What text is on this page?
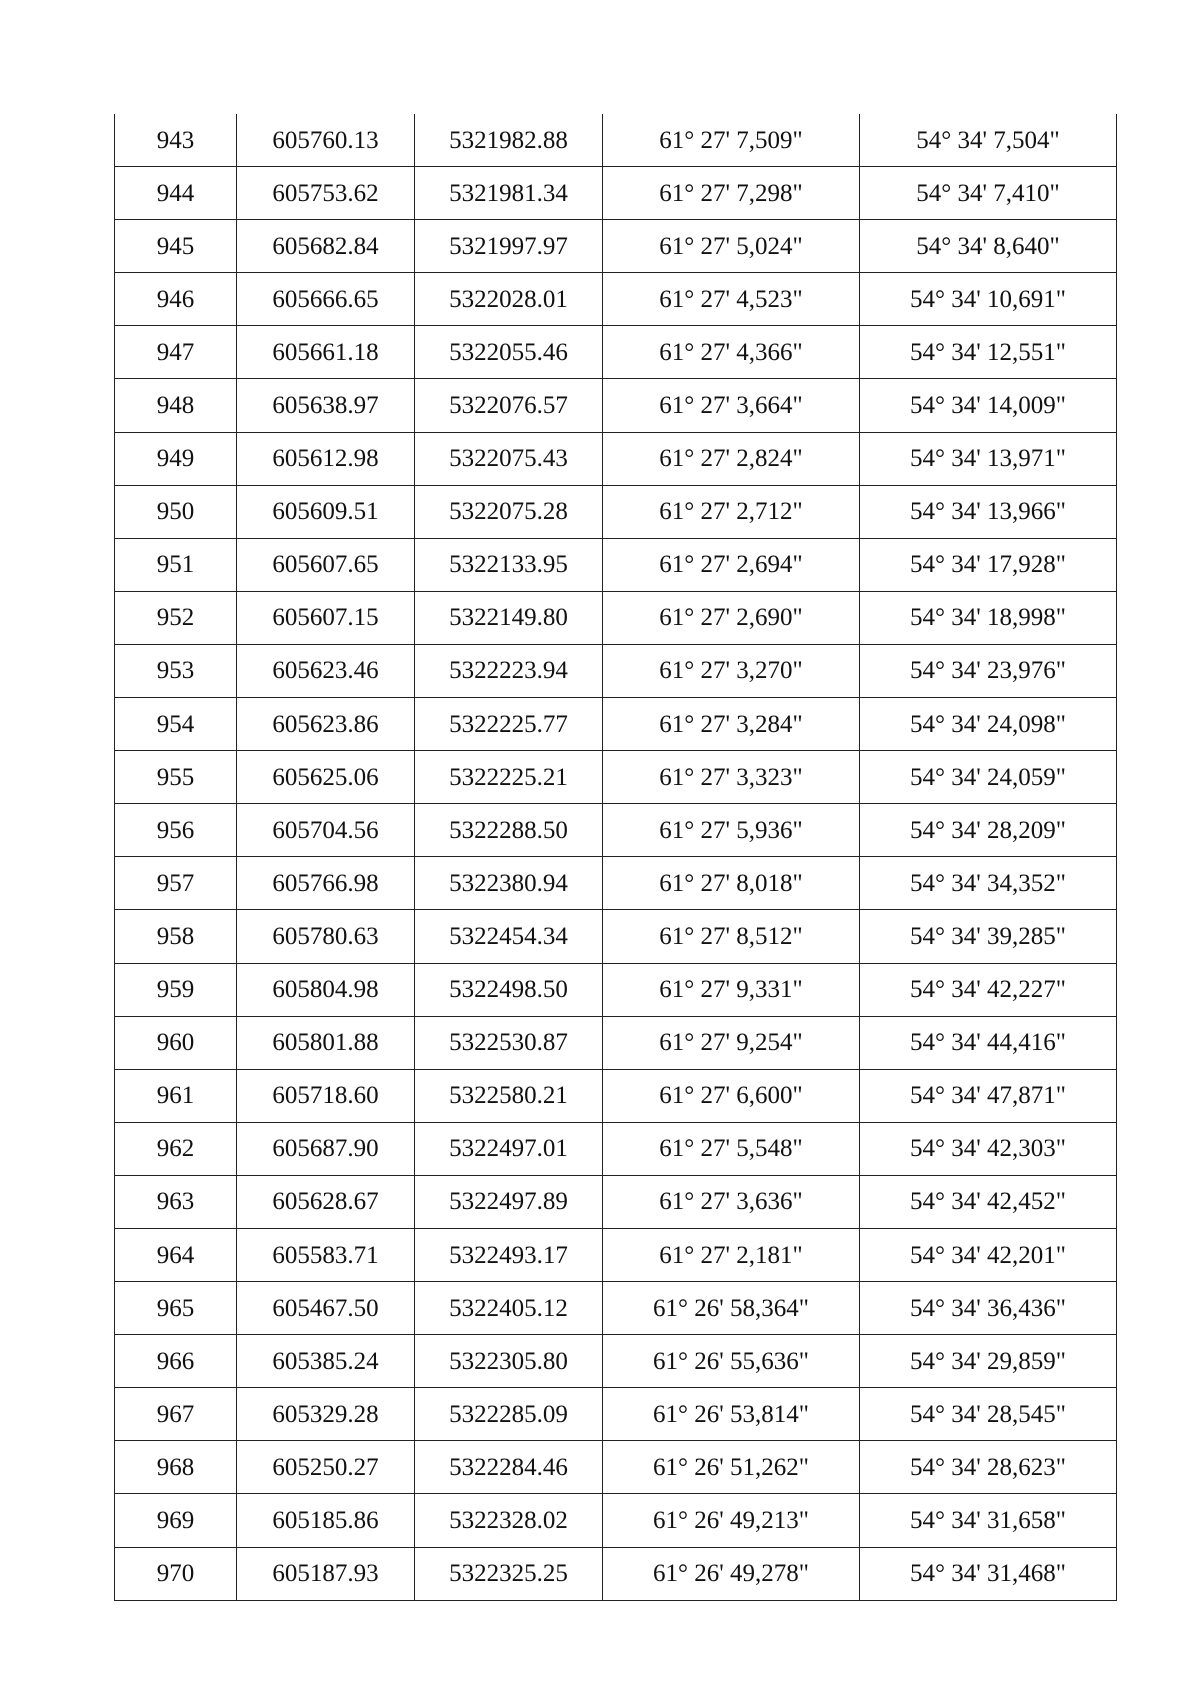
943	605760.13	5321982.88	61° 27' 7,509"	54° 34' 7,504"
944	605753.62	5321981.34	61° 27' 7,298"	54° 34' 7,410"
945	605682.84	5321997.97	61° 27' 5,024"	54° 34' 8,640"
946	605666.65	5322028.01	61° 27' 4,523"	54° 34' 10,691"
947	605661.18	5322055.46	61° 27' 4,366"	54° 34' 12,551"
948	605638.97	5322076.57	61° 27' 3,664"	54° 34' 14,009"
949	605612.98	5322075.43	61° 27' 2,824"	54° 34' 13,971"
950	605609.51	5322075.28	61° 27' 2,712"	54° 34' 13,966"
951	605607.65	5322133.95	61° 27' 2,694"	54° 34' 17,928"
952	605607.15	5322149.80	61° 27' 2,690"	54° 34' 18,998"
953	605623.46	5322223.94	61° 27' 3,270"	54° 34' 23,976"
954	605623.86	5322225.77	61° 27' 3,284"	54° 34' 24,098"
955	605625.06	5322225.21	61° 27' 3,323"	54° 34' 24,059"
956	605704.56	5322288.50	61° 27' 5,936"	54° 34' 28,209"
957	605766.98	5322380.94	61° 27' 8,018"	54° 34' 34,352"
958	605780.63	5322454.34	61° 27' 8,512"	54° 34' 39,285"
959	605804.98	5322498.50	61° 27' 9,331"	54° 34' 42,227"
960	605801.88	5322530.87	61° 27' 9,254"	54° 34' 44,416"
961	605718.60	5322580.21	61° 27' 6,600"	54° 34' 47,871"
962	605687.90	5322497.01	61° 27' 5,548"	54° 34' 42,303"
963	605628.67	5322497.89	61° 27' 3,636"	54° 34' 42,452"
964	605583.71	5322493.17	61° 27' 2,181"	54° 34' 42,201"
965	605467.50	5322405.12	61° 26' 58,364"	54° 34' 36,436"
966	605385.24	5322305.80	61° 26' 55,636"	54° 34' 29,859"
967	605329.28	5322285.09	61° 26' 53,814"	54° 34' 28,545"
968	605250.27	5322284.46	61° 26' 51,262"	54° 34' 28,623"
969	605185.86	5322328.02	61° 26' 49,213"	54° 34' 31,658"
970	605187.93	5322325.25	61° 26' 49,278"	54° 34' 31,468"
